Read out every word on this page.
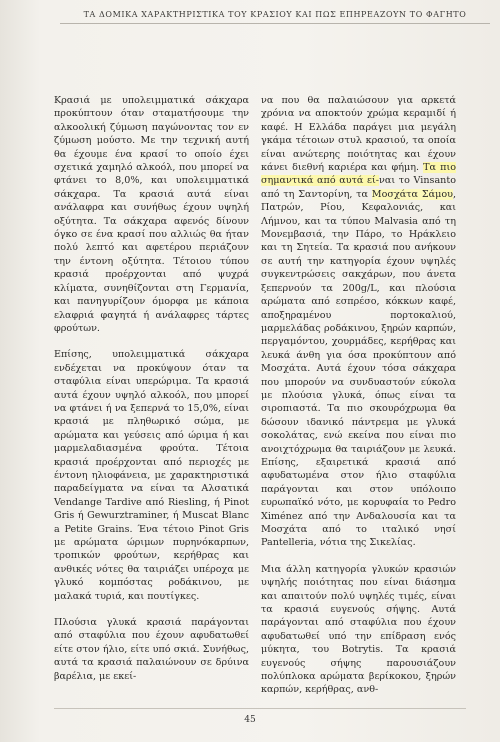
ΤΑ ΔΟΜΙΚΑ ΧΑΡΑΚΤΗΡΙΣΤΙΚΑ ΤΟΥ ΚΡΑΣΙΟΥ ΚΑΙ ΠΩΣ ΕΠΗΡΕΑΖΟΥΝ ΤΟ ΦΑΓΗΤΟ

Κρασιά με υπολειμματικά σάκχαρα προκύπτουν όταν σταματήσουμε την αλκοολική ζύμωση παγώνοντας τον εν ζύμωση μούστο. Με την τεχνική αυτή θα έχουμε ένα κρασί το οποίο έχει σχετικά χαμηλό αλκοόλ, που μπορεί να φτάνει το 8,0%, και υπολειμματικά σάκχαρα. Τα κρασιά αυτά είναι ανάλαφρα και συνήθως έχουν υψηλή οξύτητα. Τα σάκχαρα αφενός δίνουν όγκο σε ένα κρασί που αλλιώς θα ήταν πολύ λεπτό και αφετέρου περιάζουν την έντονη οξύτητα. Τέτοιου τύπου κρασιά προέρχονται από ψυχρά κλίματα, συνηθίζονται στη Γερμανία, και πανηγυρίζουν όμορφα με κάποια ελαφριά φαγητά ή ανάλαφρες τάρτες φρούτων.

Επίσης, υπολειμματικά σάκχαρα ενδέχεται να προκύψουν όταν τα σταφύλια είναι υπερώριμα. Τα κρασιά αυτά έχουν υψηλό αλκοόλ, που μπορεί να φτάνει ή να ξεπερνά το 15,0%, είναι κρασιά με πληθωρικό σώμα, με αρώματα και γεύσεις από ώριμα ή και μαρμελαδιασμένα φρούτα. Τέτοια κρασιά προέρχονται από περιοχές με έντονη ηλιοφάνεια, με χαρακτηριστικά παραδείγματα να είναι τα Αλσατικά Vendange Tardive από Riesling, ή Pinot Gris ή Gewurztraminer, ή Muscat Blanc a Petite Grains. Ένα τέτοιο Pinot Gris με αρώματα ώριμων πυρηνόκαρπων, τροπικών φρούτων, κερήθρας και ανθικές νότες θα ταιριάζει υπέροχα με γλυκό κομπόστας ροδάκινου, με μαλακά τυριά, και πουτίγκες.

Πλούσια γλυκά κρασιά παράγονται από σταφύλια που έχουν αφυδατωθεί είτε στον ήλιο, είτε υπό σκιά. Συνήθως, αυτά τα κρασιά παλαιώνουν σε δρύινα βαρέλια, με εκεί-

να που θα παλαιώσουν για αρκετά χρόνια να αποκτούν χρώμα κεραμιδί ή καφέ. Η Ελλάδα παράγει μια μεγάλη γκάμα τέτοιων στυλ κρασιού, τα οποία είναι ανώτερης ποιότητας και έχουν κάνει διεθνή καριέρα και φήμη. Τα πιο σημαντικά από αυτά εί-ναι το Vinsanto από τη Σαντορίνη, τα Μοσχάτα Σάμου, Πατρών, Ρίου, Κεφαλονιάς, και Λήμνου, και τα τύπου Malvasia από τη Μονεμβασιά, την Πάρο, το Ηράκλειο και τη Σητεία. Τα κρασιά που ανήκουν σε αυτή την κατηγορία έχουν υψηλές συγκεντρώσεις σακχάρων, που άνετα ξεπερνούν τα 200g/L, και πλούσια αρώματα από εσπρέσο, κόκκων καφέ, αποξηραμένου πορτοκαλιού, μαρμελάδας ροδάκινου, ξηρών καρπών, περγαμόντου, χουρμάδες, κερήθρας και λευκά άνθη για όσα προκύπτουν από Μοσχάτα. Αυτά έχουν τόσα σάκχαρα που μπορούν να συνδυαστούν εύκολα με πλούσια γλυκά, όπως είναι τα σιροπιαστά. Τα πιο σκουρόχρωμα θα δώσουν ιδανικό πάντρεμα με γλυκά σοκολάτας, ενώ εκείνα που είναι πιο ανοιχτόχρωμα θα ταιριάζουν με λευκά. Επίσης, εξαιρετικά κρασιά από αφυδατωμένα στον ήλιο σταφύλια παράγονται και στον υπόλοιπο ευρωπαϊκό νότο, με κορυφαία το Pedro Ximénez από την Ανδαλουσία και τα Μοσχάτα από το ιταλικό νησί Pantelleria, νότια της Σικελίας.

Μια άλλη κατηγορία γλυκών κρασιών υψηλής ποιότητας που είναι διάσημα και απαιτούν πολύ υψηλές τιμές, είναι τα κρασιά ευγενούς σήψης. Αυτά παράγονται από σταφύλια που έχουν αφυδατωθεί υπό την επίδραση ενός μύκητα, του Botrytis. Τα κρασιά ευγενούς σήψης παρουσιάζουν πολύπλοκα αρώματα βερίκοκου, ξηρών καρπών, κερήθρας, ανθ-

45
